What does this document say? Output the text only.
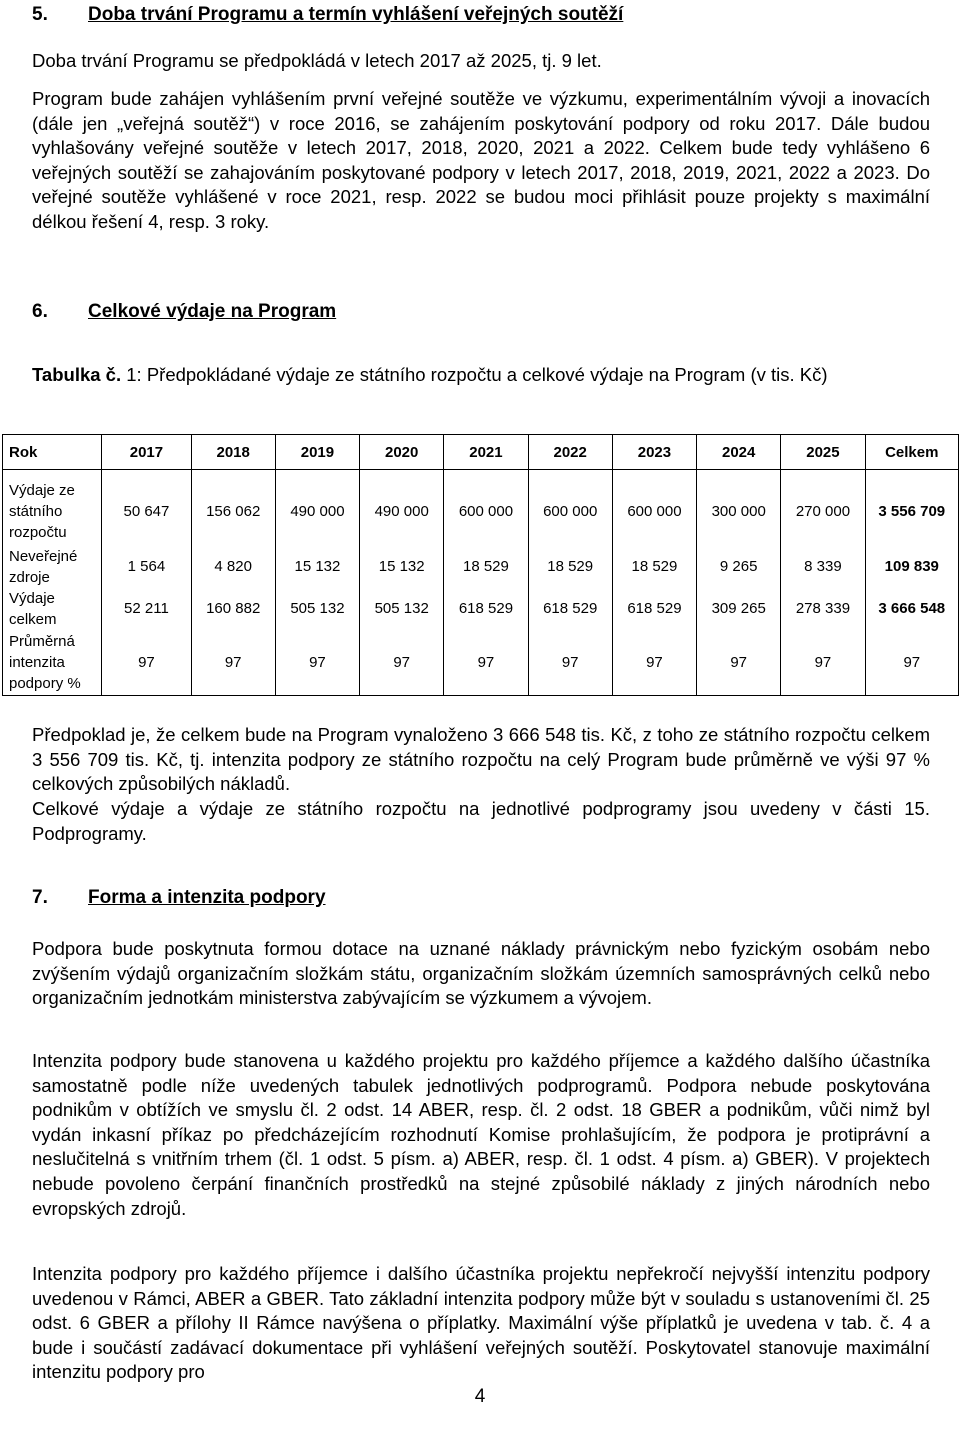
5. Doba trvání Programu a termín vyhlášení veřejných soutěží

Doba trvání Programu se předpokládá v letech 2017 až 2025, tj. 9 let.

Program bude zahájen vyhlášením první veřejné soutěže ve výzkumu, experimentálním vývoji a inovacích (dále jen „veřejná soutěž“) v roce 2016, se zahájením poskytování podpory od roku 2017. Dále budou vyhlašovány veřejné soutěže v letech 2017, 2018, 2020, 2021 a 2022. Celkem bude tedy vyhlášeno 6 veřejných soutěží se zahajováním poskytované podpory v letech 2017, 2018, 2019, 2021, 2022 a 2023. Do veřejné soutěže vyhlášené v roce 2021, resp. 2022 se budou moci přihlásit pouze projekty s maximální délkou řešení 4, resp. 3 roky.

6. Celkové výdaje na Program
Tabulka č. 1: Předpokládané výdaje ze státního rozpočtu a celkové výdaje na Program (v tis. Kč)
Rok	2017	2018	2019	2020	2021	2022	2023	2024	2025	Celkem
Výdaje ze státního rozpočtu	50 647	156 062	490 000	490 000	600 000	600 000	600 000	300 000	270 000	3 556 709
Neveřejné zdroje	1 564	4 820	15 132	15 132	18 529	18 529	18 529	9 265	8 339	109 839
Výdaje celkem	52 211	160 882	505 132	505 132	618 529	618 529	618 529	309 265	278 339	3 666 548
Průměrná intenzita podpory %	97	97	97	97	97	97	97	97	97	97

Předpoklad je, že celkem bude na Program vynaloženo 3 666 548 tis. Kč, z toho ze státního rozpočtu celkem 3 556 709 tis. Kč, tj. intenzita podpory ze státního rozpočtu na celý Program bude průměrně ve výši 97 % celkových způsobilých nákladů.

Celkové výdaje a výdaje ze státního rozpočtu na jednotlivé podprogramy jsou uvedeny v části 15. Podprogramy.

7. Forma a intenzita podpory

Podpora bude poskytnuta formou dotace na uznané náklady právnickým nebo fyzickým osobám nebo zvýšením výdajů organizačním složkám státu, organizačním složkám územních samosprávných celků nebo organizačním jednotkám ministerstva zabývajícím se výzkumem a vývojem.

Intenzita podpory bude stanovena u každého projektu pro každého příjemce a každého dalšího účastníka samostatně podle níže uvedených tabulek jednotlivých podprogramů. Podpora nebude poskytována podnikům v obtížích ve smyslu čl. 2 odst. 14 ABER, resp. čl. 2 odst. 18 GBER a podnikům, vůči nimž byl vydán inkasní příkaz po předcházejícím rozhodnutí Komise prohlašujícím, že podpora je protiprávní a neslučitelná s vnitřním trhem (čl. 1 odst. 5 písm. a) ABER, resp. čl. 1 odst. 4 písm. a) GBER). V projektech nebude povoleno čerpání finančních prostředků na stejné způsobilé náklady z jiných národních nebo evropských zdrojů.

Intenzita podpory pro každého příjemce i dalšího účastníka projektu nepřekročí nejvyšší intenzitu podpory uvedenou v Rámci, ABER a GBER. Tato základní intenzita podpory může být v souladu s ustanoveními čl. 25 odst. 6 GBER a přílohy II Rámce navýšena o příplatky. Maximální výše příplatků je uvedena v tab. č. 4 a bude i součástí zadávací dokumentace při vyhlášení veřejných soutěží. Poskytovatel stanovuje maximální intenzitu podpory pro

4
